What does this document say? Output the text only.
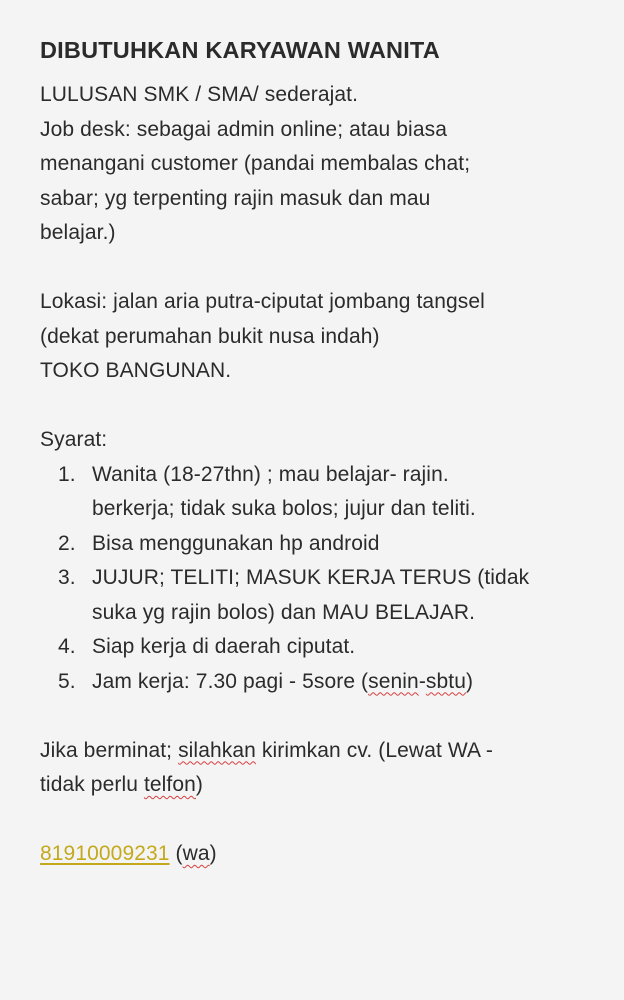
DIBUTUHKAN KARYAWAN WANITA
LULUSAN SMK / SMA/ sederajat.
Job desk: sebagai admin online; atau biasa
menangani customer (pandai membalas chat;
sabar; yg terpenting rajin masuk dan mau
belajar.)
Lokasi: jalan aria putra-ciputat jombang tangsel
(dekat perumahan bukit nusa indah)
TOKO BANGUNAN.
Syarat:
1. Wanita (18-27thn) ; mau belajar- rajin.
berkerja; tidak suka bolos; jujur dan teliti.
2. Bisa menggunakan hp android
3. JUJUR; TELITI; MASUK KERJA TERUS (tidak
suka yg rajin bolos) dan MAU BELAJAR.
4. Siap kerja di daerah ciputat.
5. Jam kerja: 7.30 pagi - 5sore (senin-sbtu)
Jika berminat; silahkan kirimkan cv. (Lewat WA -
tidak perlu telfon)
81910009231 (wa)
